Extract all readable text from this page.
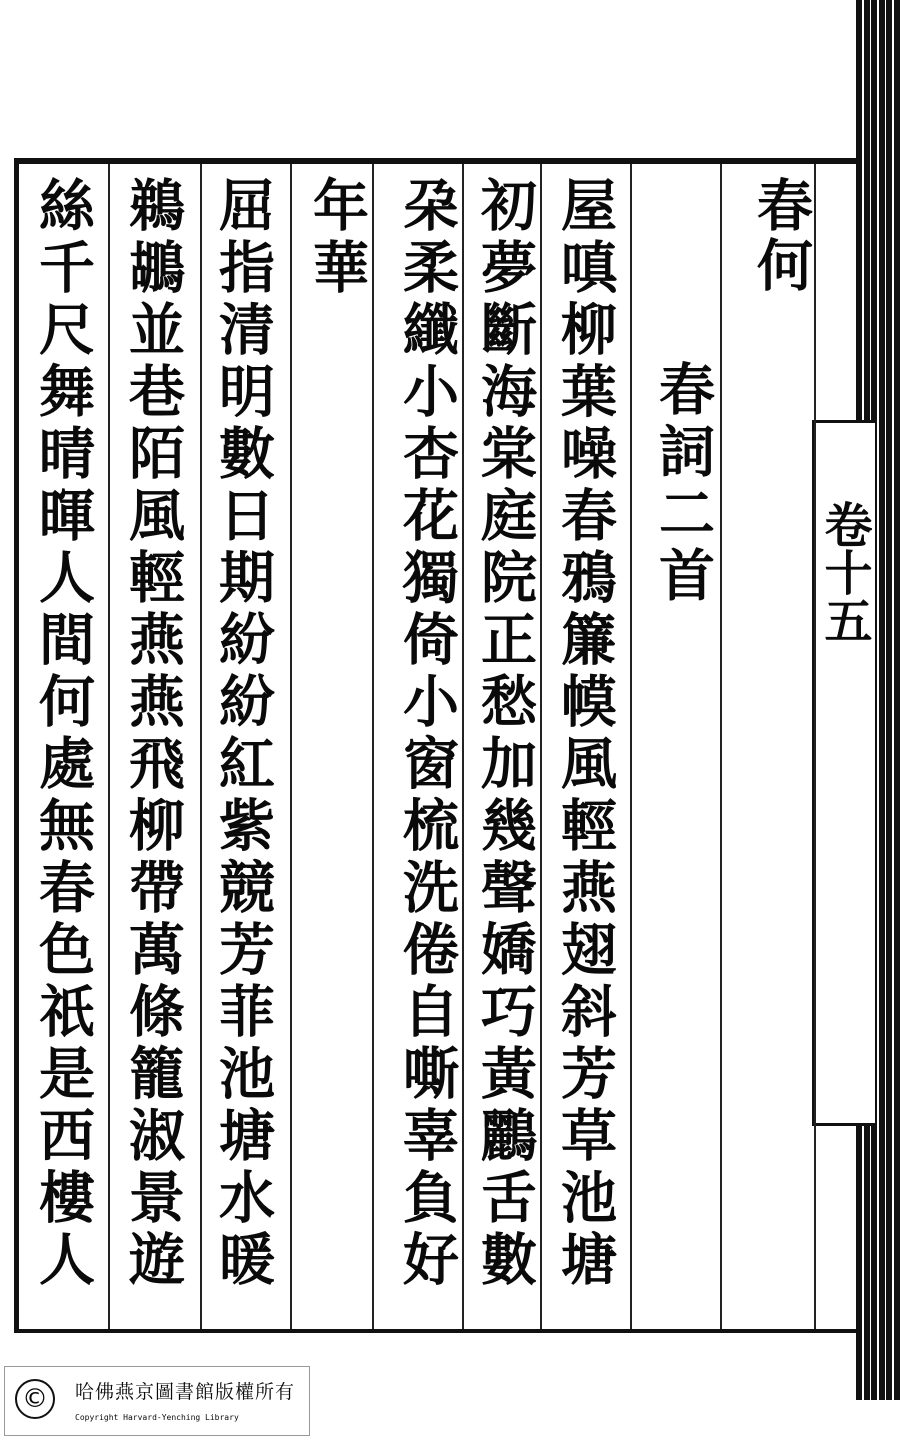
卷十五
春何
春詞二首
屋嗔柳葉噪春鴉簾幙風輕燕翅斜芳草池塘
初夢斷海棠庭院正愁加幾聲嬌巧黃鸝舌數
朶柔纖小杏花獨倚小窗梳洗倦自嘶辜負好
年華
屈指清明數日期紛紛紅紫競芳菲池塘水暖
鵜鶘並巷陌風輕燕燕飛柳帶萬條籠淑景遊
絲千尺舞晴暉人間何處無春色祇是西樓人
©	哈佛燕京圖書館版權所有
Copyright Harvard-Yenching Library
